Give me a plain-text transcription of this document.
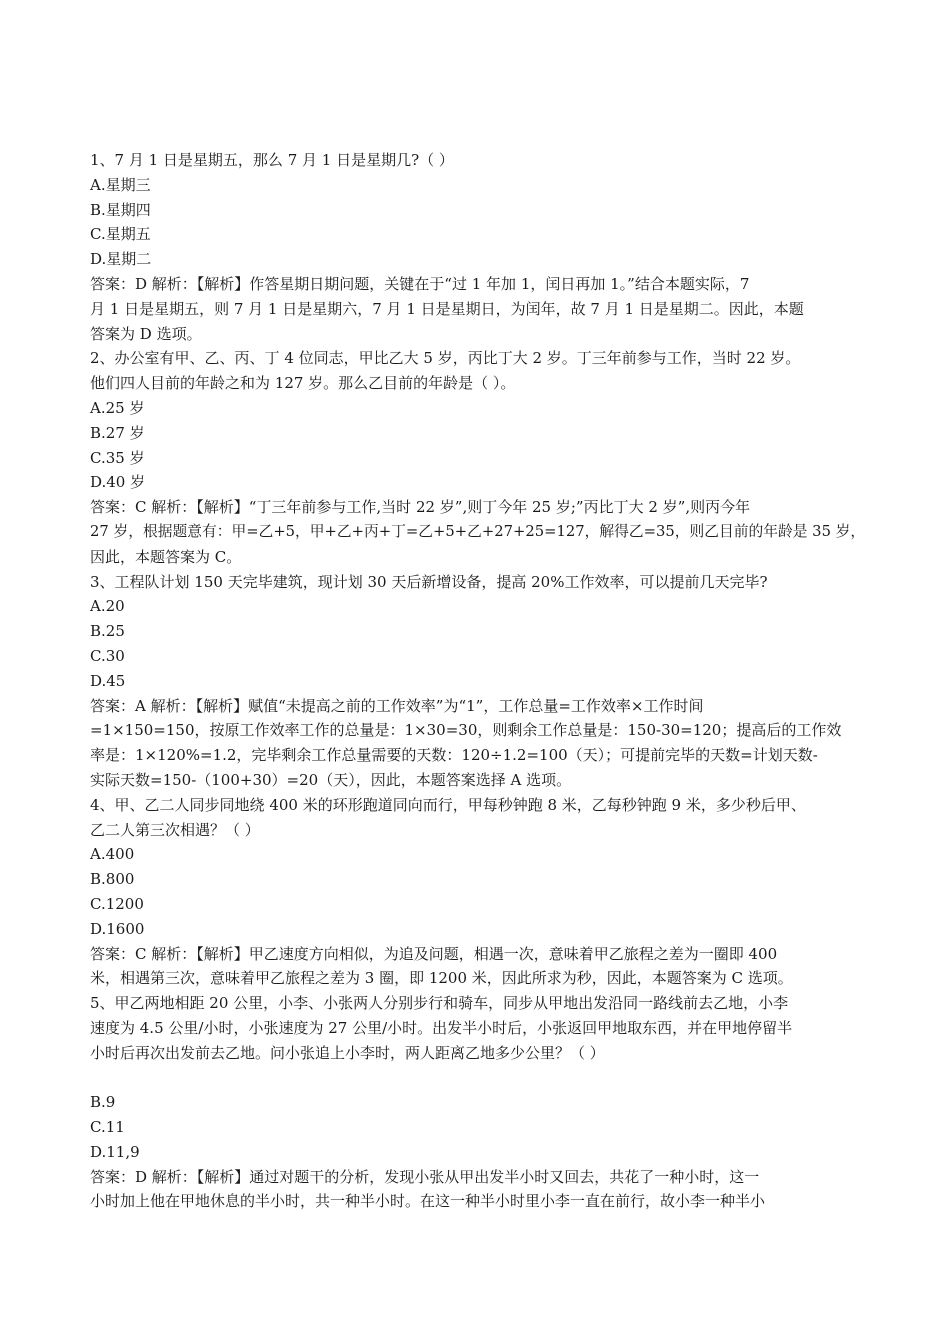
1、7 月 1 日是星期五，那么 7 月 1 日是星期几?（ ）
A.星期三
B.星期四
C.星期五
D.星期二
答案：D 解析：【解析】作答星期日期问题，关键在于“过 1 年加 1，闰日再加 1。”结合本题实际，7
月 1 日是星期五，则 7 月 1 日是星期六，7 月 1 日是星期日，为闰年，故 7 月 1 日是星期二。因此，本题
答案为 D 选项。
2、办公室有甲、乙、丙、丁 4 位同志，甲比乙大 5 岁，丙比丁大 2 岁。丁三年前参与工作，当时 22 岁。
他们四人目前的年龄之和为 127 岁。那么乙目前的年龄是（ ）。
A.25 岁
B.27 岁
C.35 岁
D.40 岁
答案：C 解析：【解析】“丁三年前参与工作,当时 22 岁”,则丁今年 25 岁;”丙比丁大 2 岁”,则丙今年
27 岁，根据题意有：甲=乙+5，甲+乙+丙+丁=乙+5+乙+27+25=127，解得乙=35，则乙目前的年龄是 35 岁，
因此，本题答案为 C。
3、工程队计划 150 天完毕建筑，现计划 30 天后新增设备，提高 20%工作效率，可以提前几天完毕?
A.20
B.25
C.30
D.45
答案：A 解析：【解析】赋值“未提高之前的工作效率”为“1”，工作总量=工作效率×工作时间
=1×150=150，按原工作效率工作的总量是：1×30=30，则剩余工作总量是：150-30=120；提高后的工作效
率是：1×120%=1.2，完毕剩余工作总量需要的天数：120÷1.2=100（天）；可提前完毕的天数=计划天数-
实际天数=150-（100+30）=20（天），因此，本题答案选择 A 选项。
4、甲、乙二人同步同地绕 400 米的环形跑道同向而行，甲每秒钟跑 8 米，乙每秒钟跑 9 米，多少秒后甲、
乙二人第三次相遇？（ ）
A.400
B.800
C.1200
D.1600
答案：C 解析：【解析】甲乙速度方向相似，为追及问题，相遇一次，意味着甲乙旅程之差为一圈即 400
米，相遇第三次，意味着甲乙旅程之差为 3 圈，即 1200 米，因此所求为秒，因此，本题答案为 C 选项。
5、甲乙两地相距 20 公里，小李、小张两人分别步行和骑车，同步从甲地出发沿同一路线前去乙地，小李
速度为 4.5 公里/小时，小张速度为 27 公里/小时。出发半小时后，小张返回甲地取东西，并在甲地停留半
小时后再次出发前去乙地。问小张追上小李时，两人距离乙地多少公里？（ ）
B.9
C.11
D.11,9
答案：D 解析：【解析】通过对题干的分析，发现小张从甲出发半小时又回去，共花了一种小时，这一
小时加上他在甲地休息的半小时，共一种半小时。在这一种半小时里小李一直在前行，故小李一种半小
